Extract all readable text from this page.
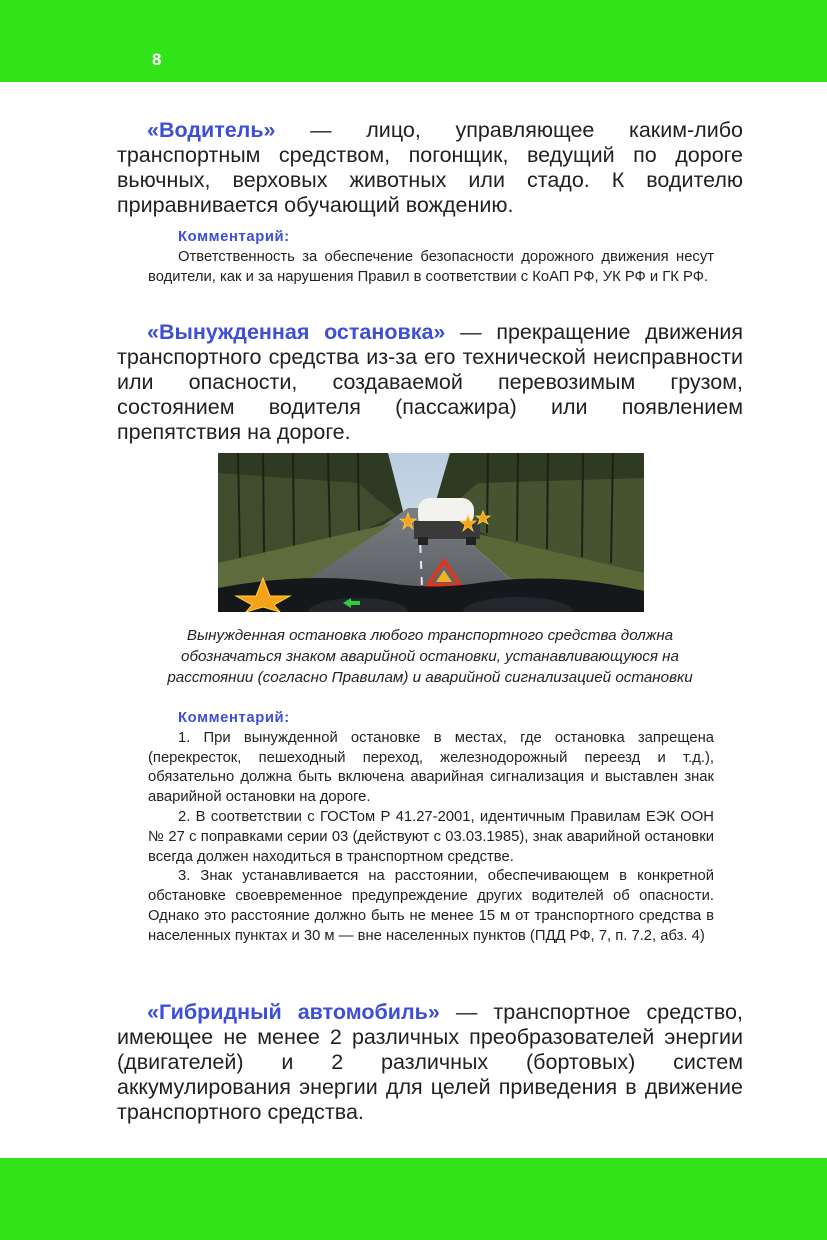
8

«Водитель» — лицо, управляющее каким-либо транспортным средством, погонщик, ведущий по дороге вьючных, верховых животных или стадо. К водителю приравнивается обучающий вождению.

Комментарий:

Ответственность за обеспечение безопасности дорожного движения несут водители, как и за нарушения Правил в соответствии с КоАП РФ, УК РФ и ГК РФ.

«Вынужденная остановка» — прекращение движения транспортного средства из-за его технической неисправности или опасности, создаваемой перевозимым грузом, состоянием водителя (пассажира) или появлением препятствия на дороге.

Вынужденная остановка любого транспортного средства должна обозначаться знаком аварийной остановки, устанавливающуюся на расстоянии (согласно Правилам) и аварийной сигнализацией остановки

Комментарий:

1. При вынужденной остановке в местах, где остановка запрещена (перекресток, пешеходный переход, железнодорожный переезд и т.д.), обязательно должна быть включена аварийная сигнализация и выставлен знак аварийной остановки на дороге.

2. В соответствии с ГОСТом Р 41.27-2001, идентичным Правилам ЕЭК ООН № 27 с поправками серии 03 (действуют с 03.03.1985), знак аварийной остановки всегда должен находиться в транспортном средстве.

3. Знак устанавливается на расстоянии, обеспечивающем в конкретной обстановке своевременное предупреждение других водителей об опасности. Однако это расстояние должно быть не менее 15 м от транспортного средства в населенных пунктах и 30 м — вне населенных пунктов (ПДД РФ, 7, п. 7.2, абз. 4)

«Гибридный автомобиль» — транспортное средство, имеющее не менее 2 различных преобразователей энергии (двигателей) и 2 различных (бортовых) систем аккумулирования энергии для целей приведения в движение транспортного средства.
